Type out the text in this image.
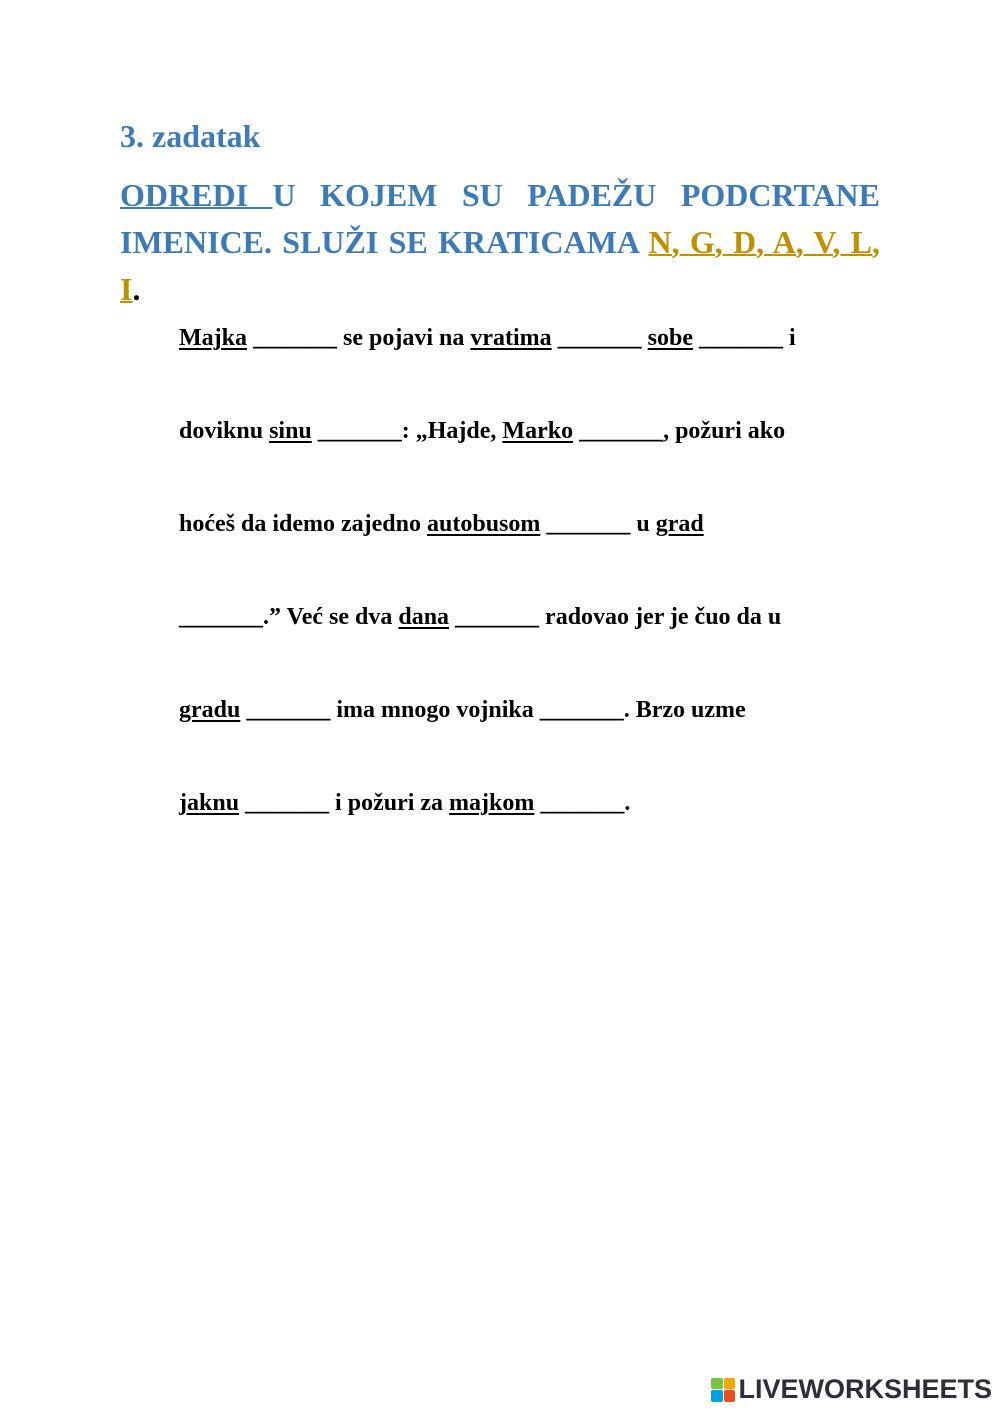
3. zadatak

ODREDI U KOJEM SU PADEŽU PODCRTANE IMENICE. SLUŽI SE KRATICAMA N, G, D, A, V, L, I.

Majka _______ se pojavi na vratima _______ sobe _______ i
doviknu sinu _______: „Hajde, Marko _______, požuri ako
hoćeš da idemo zajedno autobusom _______ u grad
_______.” Već se dva dana _______ radovao jer je čuo da u
gradu _______ ima mnogo vojnika _______. Brzo uzme
jaknu _______ i požuri za majkom _______.
LIVEWORKSHEETS
